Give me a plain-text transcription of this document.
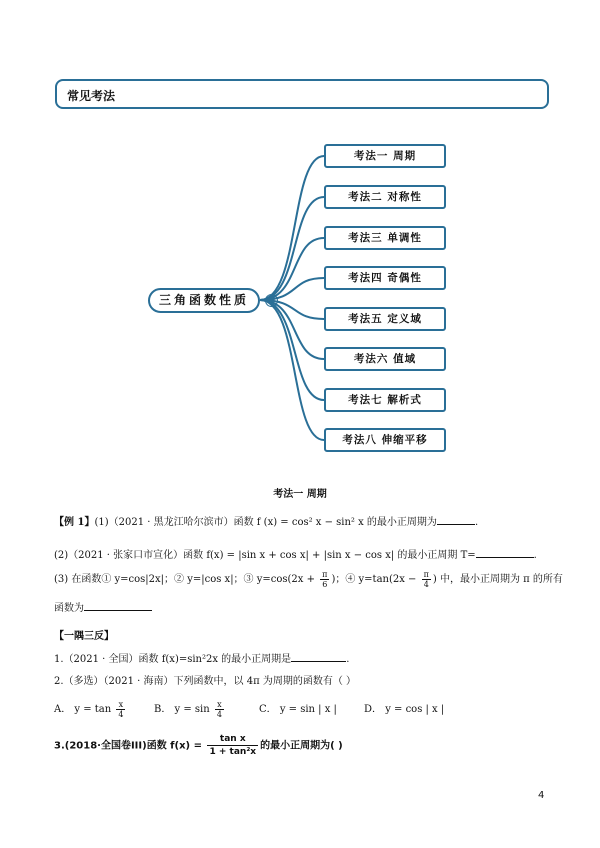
常见考法
三角函数性质	⊖
考法一 周期
考法二 对称性
考法三 单调性
考法四 奇偶性
考法五 定义域
考法六 值域
考法七 解析式
考法八 伸缩平移
考法一 周期
【例 1】(1)（2021 · 黑龙江哈尔滨市）函数 f (x) = cos² x − sin² x 的最小正周期为	.
(2)（2021 · 张家口市宣化）函数 f(x) = |sin x + cos x| + |sin x − cos x| 的最小正周期 T=	.
(3) 在函数① y=cos|2x|；② y=|cos x|；③ $y=\cos(2x + \frac{\pi}{6}$ )；④ $y=\tan(2x - \frac{\pi}{4}$ ) 中，最小正周期为 π 的所有
函数为
【一隅三反】
1.（2021 · 全国）函数 f(x)=sin²2x 的最小正周期是	.
2.（多选）（2021 · 海南）下列函数中，以 4π 为周期的函数有（ ）
A． $y = \tan \frac{x}{4}$	B． $y = \sin \frac{x}{4}$	C． y = sin | x |	D． y = cos | x |
3.(2018·全国卷III)函数 $f(x) = \frac{\text{tan x}}{\text{1 + tan²x}}$ 的最小正周期为( )
4
